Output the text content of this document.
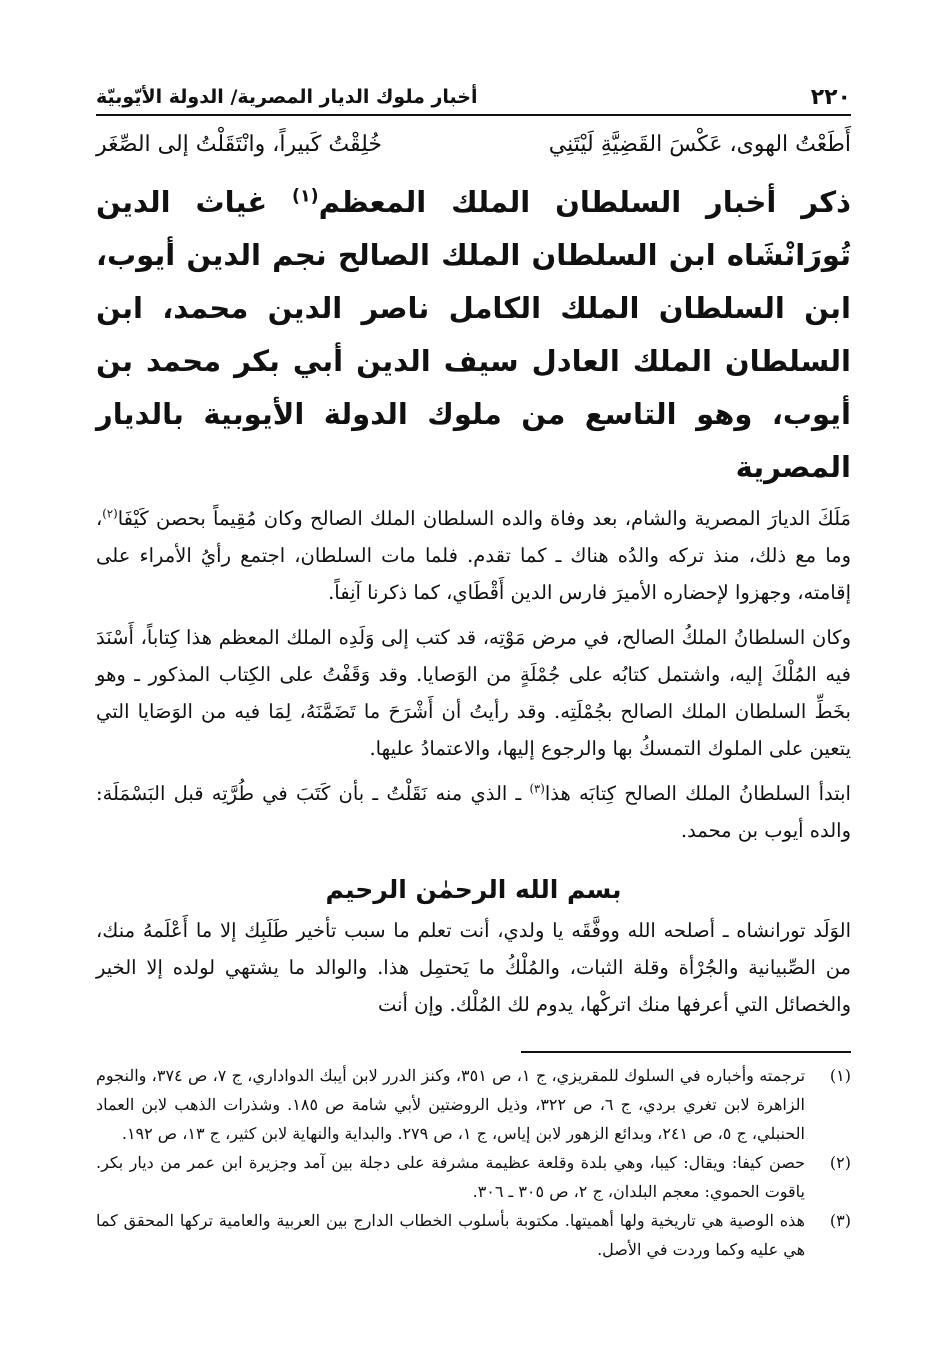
٢٢٠
أخبار ملوك الديار المصرية/ الدولة الأيّوبيّة
أَطَعْتُ الهوى، عَكْسَ القَضِيَّةِ لَيْتَنِي
خُلِقْتُ كَبيراً، وانْتَقَلْتُ إلى الصِّغَر
ذكر أخبار السلطان الملك المعظم$^{(١)}$ غياث الدين تُورَانْشَاه ابن السلطان الملك الصالح نجم الدين أيوب، ابن السلطان الملك الكامل ناصر الدين محمد، ابن السلطان الملك العادل سيف الدين أبي بكر محمد بن أيوب، وهو التاسع من ملوك الدولة الأيوبية بالديار المصرية

مَلَكَ الديارَ المصرية والشام، بعد وفاة والده السلطان الملك الصالح وكان مُقِيماً بحصن كَيْفَا$^{(٢)}$، وما مع ذلك، منذ تركه والدُه هناك ـ كما تقدم. فلما مات السلطان، اجتمع رأيُ الأمراء على إقامته، وجهزوا لإحضاره الأميرَ فارس الدين أَقْطَاي، كما ذكرنا آنِفاً.

وكان السلطانُ الملكُ الصالح، في مرض مَوْتِه، قد كتب إلى وَلَدِه الملك المعظم هذا كِتاباً، أَسْنَدَ فيه المُلْكَ إليه، واشتمل كتابُه على جُمْلَةٍ من الوَصايا. وقد وَقَفْتُ على الكِتاب المذكور ـ وهو بخَطِّ السلطان الملك الصالح بجُمْلَتِه. وقد رأيتُ أن أَشْرَحَ ما تَضَمَّنَهُ، لِمَا فيه من الوَصَايا التي يتعين على الملوك التمسكُ بها والرجوع إليها، والاعتمادُ عليها.

ابتدأ السلطانُ الملك الصالح كِتابَه هذا$^{(٣)}$ ـ الذي منه نَقَلْتُ ـ بأن كَتَبَ في طُرَّتِه قبل البَسْمَلَة: والده أيوب بن محمد.

بسم الله الرحمٰن الرحيم

الوَلَد تورانشاه ـ أصلحه الله ووفَّقَه يا ولدي، أنت تعلم ما سبب تأخير طَلَبِك إلا ما أَعْلَمهُ منك، من الصِّبيانية والجُرْأة وقلة الثبات، والمُلْكُ ما يَحتمِل هذا. والوالد ما يشتهي لولده إلا الخير والخصائل التي أعرفها منك اتركْها، يدوم لك المُلْك. وإن أنت

(١)
ترجمته وأخباره في السلوك للمقريزي، ج ١، ص ٣٥١، وكنز الدرر لابن أيبك الدواداري، ج ٧، ص ٣٧٤، والنجوم الزاهرة لابن تغري بردي، ج ٦، ص ٣٢٢، وذيل الروضتين لأبي شامة ص ١٨٥. وشذرات الذهب لابن العماد الحنبلي، ج ٥، ص ٢٤١، وبدائع الزهور لابن إياس، ج ١، ص ٢٧٩. والبداية والنهاية لابن كثير، ج ١٣، ص ١٩٢.
(٢)
حصن كيفا: ويقال: كيبا، وهي بلدة وقلعة عظيمة مشرفة على دجلة بين آمد وجزيرة ابن عمر من ديار بكر. ياقوت الحموي: معجم البلدان، ج ٢، ص ٣٠٥ ـ ٣٠٦.
(٣)
هذه الوصية هي تاريخية ولها أهميتها. مكتوبة بأسلوب الخطاب الدارج بين العربية والعامية تركها المحقق كما هي عليه وكما وردت في الأصل.
